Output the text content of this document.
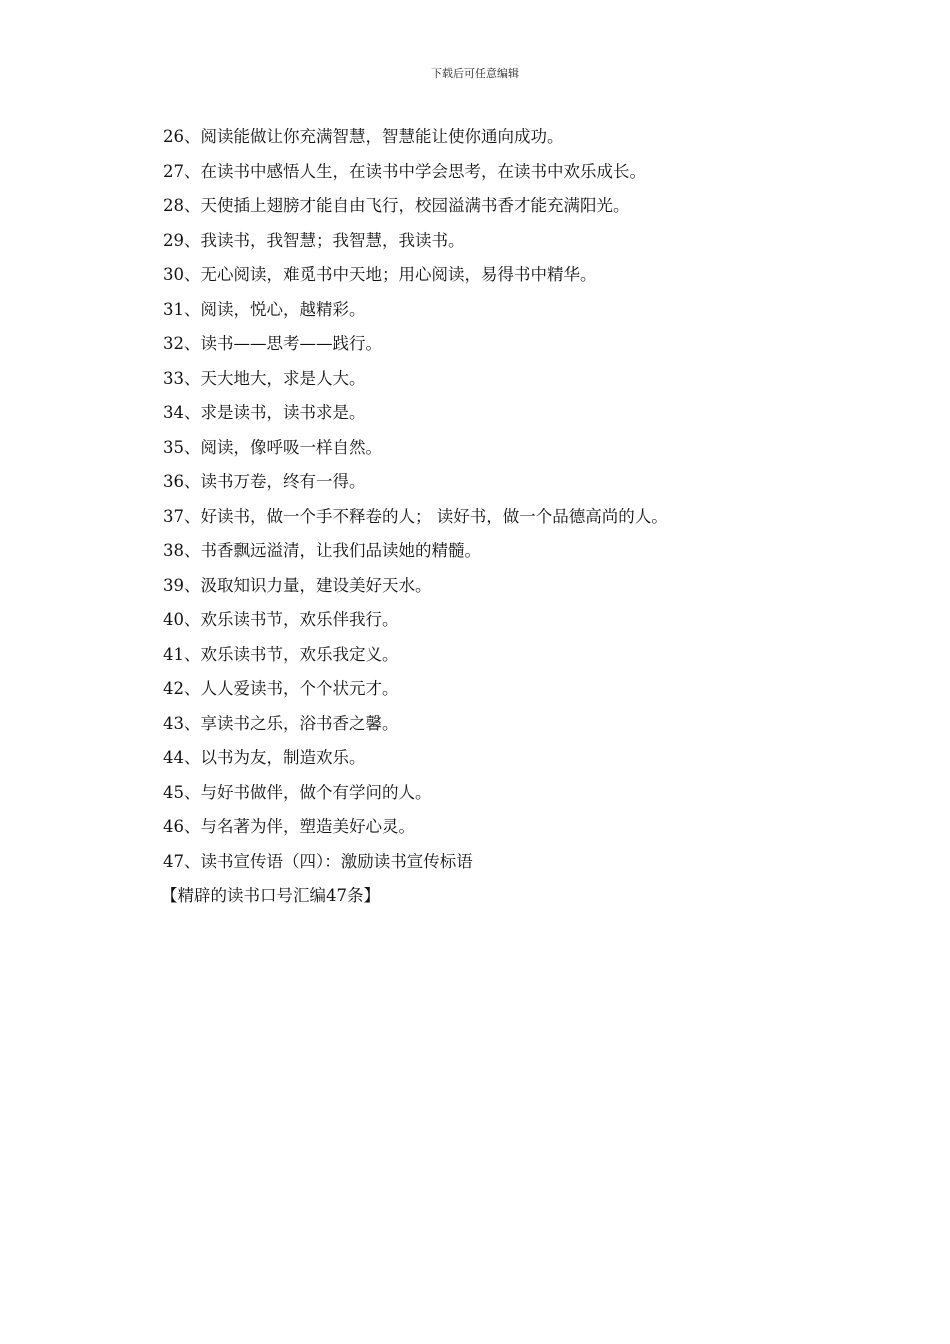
下载后可任意编辑
26、阅读能做让你充满智慧，智慧能让使你通向成功。
27、在读书中感悟人生，在读书中学会思考，在读书中欢乐成长。
28、天使插上翅膀才能自由飞行，校园溢满书香才能充满阳光。
29、我读书，我智慧；我智慧，我读书。
30、无心阅读，难觅书中天地；用心阅读，易得书中精华。
31、阅读，悦心，越精彩。
32、读书——思考——践行。
33、天大地大，求是人大。
34、求是读书，读书求是。
35、阅读，像呼吸一样自然。
36、读书万卷，终有一得。
37、好读书，做一个手不释卷的人； 读好书，做一个品德高尚的人。
38、书香飘远溢清，让我们品读她的精髓。
39、汲取知识力量，建设美好天水。
40、欢乐读书节，欢乐伴我行。
41、欢乐读书节，欢乐我定义。
42、人人爱读书，个个状元才。
43、享读书之乐，浴书香之馨。
44、以书为友，制造欢乐。
45、与好书做伴，做个有学问的人。
46、与名著为伴，塑造美好心灵。
47、读书宣传语（四）：激励读书宣传标语
【精辟的读书口号汇编47条】
